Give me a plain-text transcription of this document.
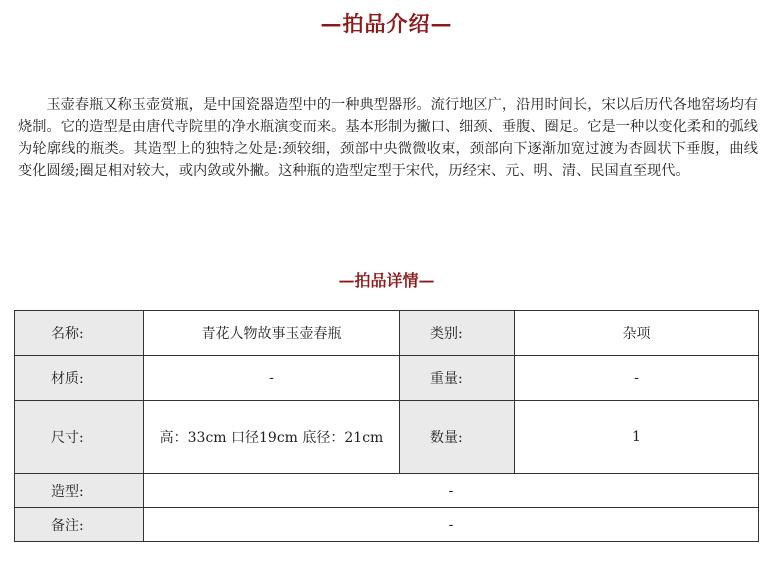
—拍品介绍—

玉壶春瓶又称玉壶赏瓶，是中国瓷器造型中的一种典型器形。流行地区广，沿用时间长，宋以后历代各地窑场均有烧制。它的造型是由唐代寺院里的净水瓶演变而来。基本形制为撇口、细颈、垂腹、圈足。它是一种以变化柔和的弧线为轮廓线的瓶类。其造型上的独特之处是:颈较细，颈部中央微微收束，颈部向下逐渐加宽过渡为杏圆状下垂腹，曲线变化圆缓;圈足相对较大，或内敛或外撇。这种瓶的造型定型于宋代，历经宋、元、明、清、民国直至现代。

—拍品详情—
名称:	青花人物故事玉壶春瓶	类别:	杂项
材质:	-	重量:	-
尺寸:	高：33cm 口径19cm 底径：21cm	数量:	1
造型:	-		
备注:	-		
